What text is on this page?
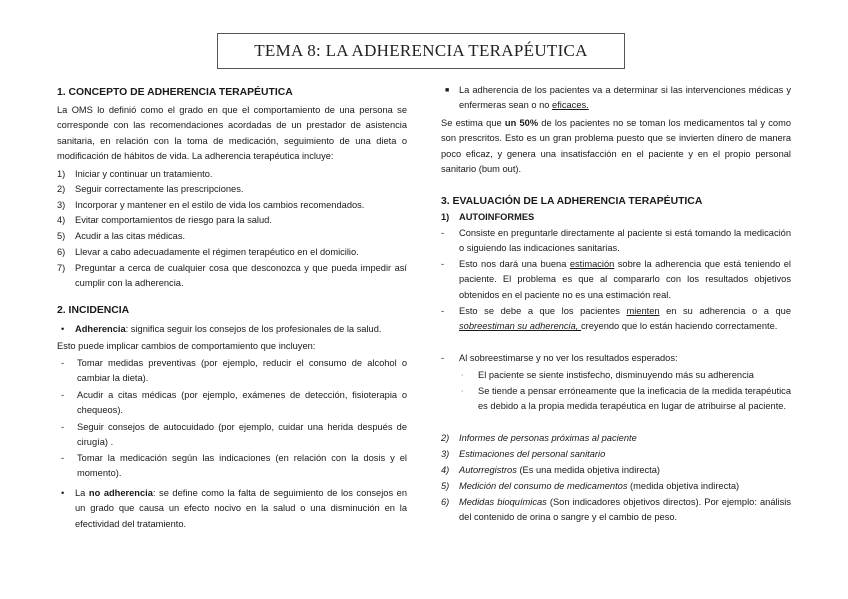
TEMA 8: LA ADHERENCIA TERAPÉUTICA
1. CONCEPTO DE ADHERENCIA TERAPÉUTICA
La OMS lo definió como el grado en que el comportamiento de una persona se corresponde con las recomendaciones acordadas de un prestador de asistencia sanitaria, en relación con la toma de medicación, seguimiento de una dieta o modificación de hábitos de vida. La adherencia terapéutica incluye:
1)	Iniciar y continuar un tratamiento.
2)	Seguir correctamente las prescripciones.
3)	Incorporar y mantener en el estilo de vida los cambios recomendados.
4)	Evitar comportamientos de riesgo para la salud.
5)	Acudir a las citas médicas.
6)	Llevar a cabo adecuadamente el régimen terapéutico en el domicilio.
7)	Preguntar a cerca de cualquier cosa que desconozca y que pueda impedir así cumplir con la adherencia.
2. INCIDENCIA
• Adherencia: significa seguir los consejos de los profesionales de la salud.
Esto puede implicar cambios de comportamiento que incluyen:
- Tomar medidas preventivas (por ejemplo, reducir el consumo de alcohol o cambiar la dieta).
- Acudir a citas médicas (por ejemplo, exámenes de detección, fisioterapia o chequeos).
- Seguir consejos de autocuidado (por ejemplo, cuidar una herida después de cirugía) .
- Tomar la medicación según las indicaciones (en relación con la dosis y el momento).
• La no adherencia: se define como la falta de seguimiento de los consejos en un grado que causa un efecto nocivo en la salud o una disminución en la efectividad del tratamiento.
■ La adherencia de los pacientes va a determinar si las intervenciones médicas y enfermeras sean o no eficaces.
Se estima que un 50% de los pacientes no se toman los medicamentos tal y como son prescritos. Esto es un gran problema puesto que se invierten dinero de manera poco eficaz, y genera una insatisfacción en el paciente y en el propio personal sanitario (bum out).
3. EVALUACIÓN DE LA ADHERENCIA TERAPÉUTICA
1)	AUTOINFORMES
- Consiste en preguntarle directamente al paciente si está tomando la medicación o siguiendo las indicaciones sanitarias.
- Esto nos dará una buena estimación sobre la adherencia que está teniendo el paciente. El problema es que al compararlo con los resultados objetivos obtenidos en el paciente no es una estimación real.
- Esto se debe a que los pacientes mienten en su adherencia o a que sobreestiman su adherencia, creyendo que lo están haciendo correctamente.
- Al sobreestimarse y no ver los resultados esperados:
· El paciente se siente instisfecho, disminuyendo más su adherencia
· Se tiende a pensar erróneamente que la ineficacia de la medida terapéutica es debido a la propia medida terapéutica en lugar de atribuirse al paciente.
2)	Informes de personas próximas al paciente
3)	Estimaciones del personal sanitario
4)	Autorregistros (Es una medida objetiva indirecta)
5)	Medición del consumo de medicamentos (medida objetiva indirecta)
6)	Medidas bioquímicas (Son indicadores objetivos directos). Por ejemplo: análisis del contenido de orina o sangre y el cambio de peso.
